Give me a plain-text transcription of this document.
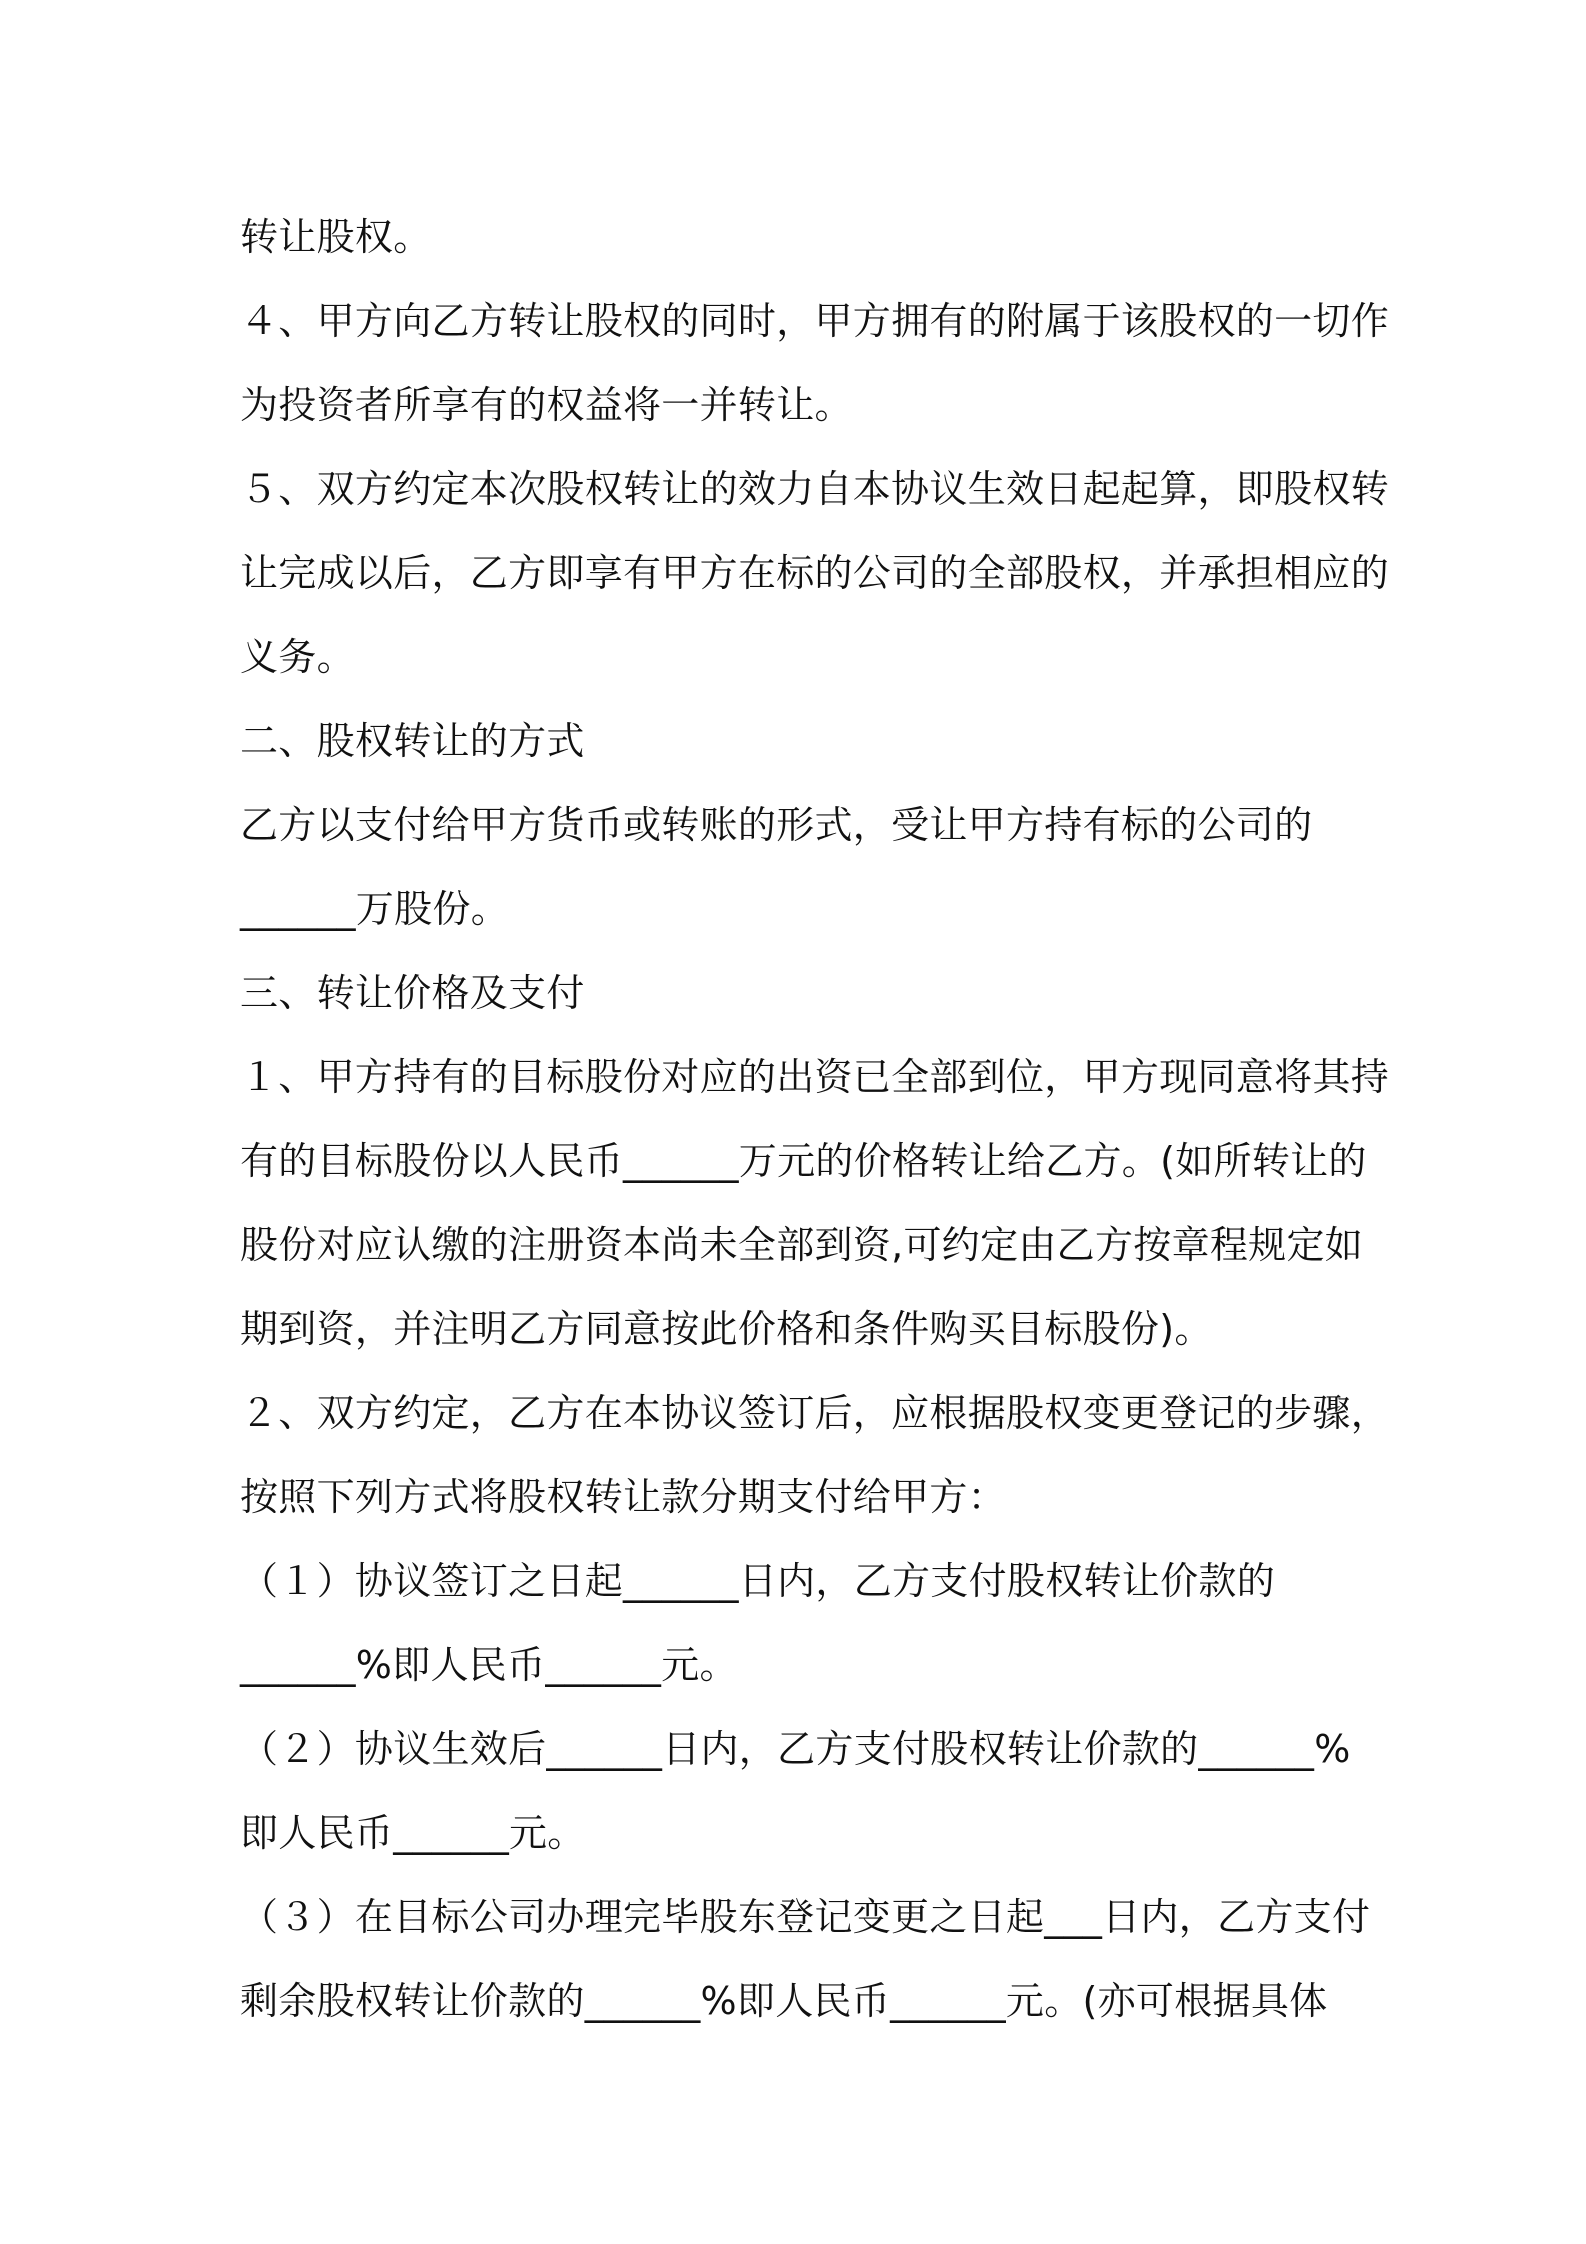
转让股权。
４、甲方向乙方转让股权的同时，甲方拥有的附属于该股权的一切作
为投资者所享有的权益将一并转让。
５、双方约定本次股权转让的效力自本协议生效日起起算，即股权转
让完成以后，乙方即享有甲方在标的公司的全部股权，并承担相应的
义务。
二、股权转让的方式
乙方以支付给甲方货币或转账的形式，受让甲方持有标的公司的
______万股份。
三、转让价格及支付
１、甲方持有的目标股份对应的出资已全部到位，甲方现同意将其持
有的目标股份以人民币______万元的价格转让给乙方。(如所转让的
股份对应认缴的注册资本尚未全部到资,可约定由乙方按章程规定如
期到资，并注明乙方同意按此价格和条件购买目标股份)。
２、双方约定，乙方在本协议签订后，应根据股权变更登记的步骤，
按照下列方式将股权转让款分期支付给甲方：
（１）协议签订之日起______日内，乙方支付股权转让价款的
______%即人民币______元。
（２）协议生效后______日内，乙方支付股权转让价款的______%
即人民币______元。
（３）在目标公司办理完毕股东登记变更之日起___日内，乙方支付
剩余股权转让价款的______%即人民币______元。(亦可根据具体
